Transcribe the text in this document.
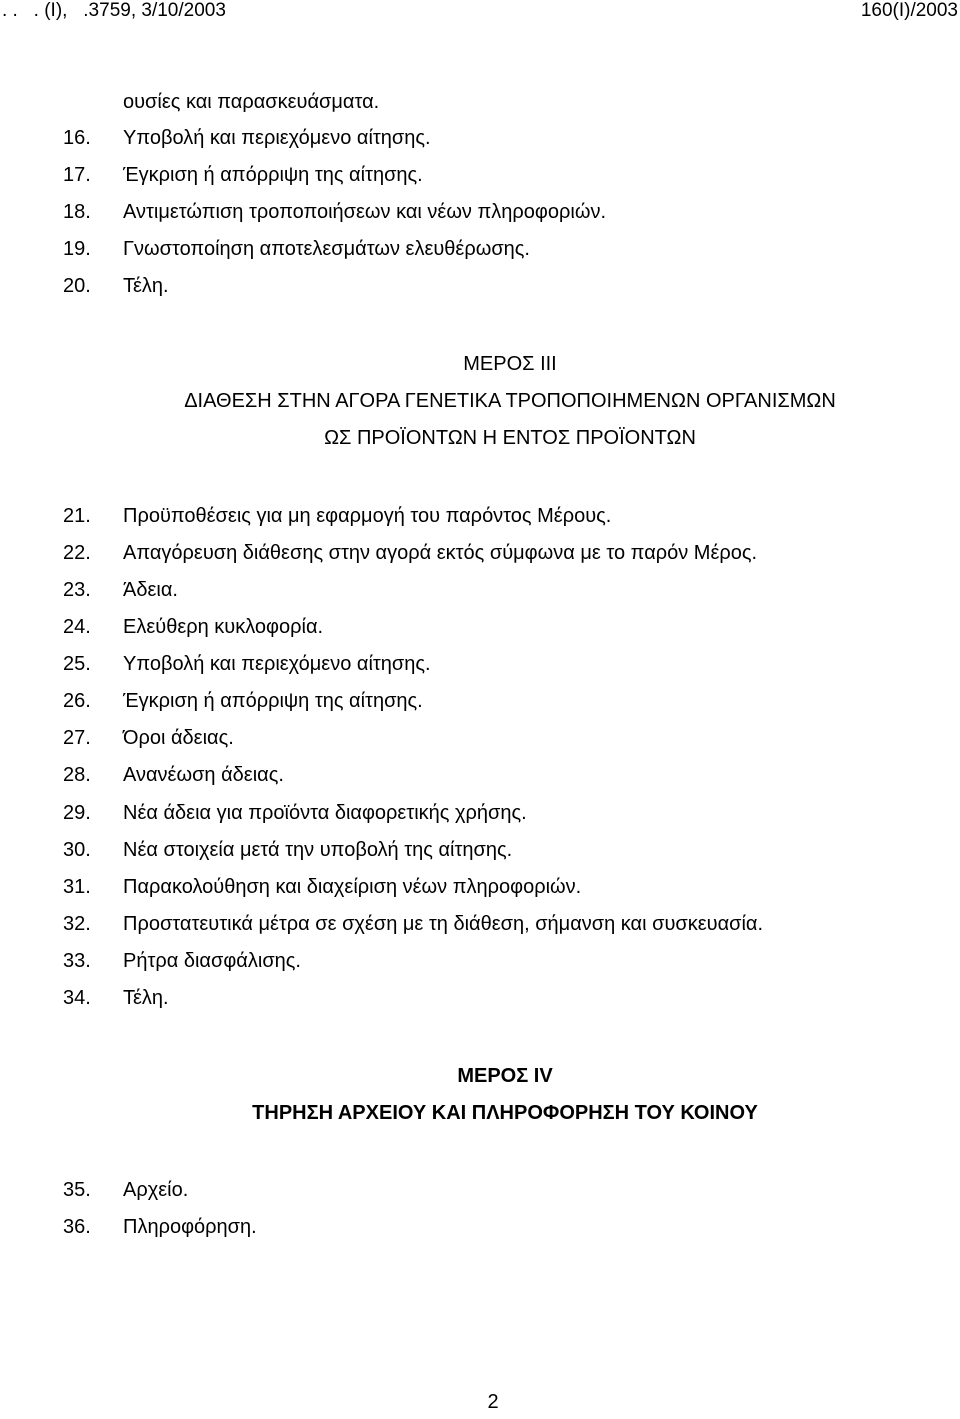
. .   . (Ι),   .3759, 3/10/2003	160(Ι)/2003
ουσίες και παρασκευάσματα.
16.	Υποβολή και περιεχόμενο αίτησης.
17.	Έγκριση ή απόρριψη της αίτησης.
18.	Αντιμετώπιση τροποποιήσεων και νέων πληροφοριών.
19.	Γνωστοποίηση αποτελεσμάτων ελευθέρωσης.
20.	Τέλη.
ΜΕΡΟΣ ΙΙΙ
ΔΙΑΘΕΣΗ ΣΤΗΝ ΑΓΟΡΑ ΓΕΝΕΤΙΚΑ ΤΡΟΠΟΠΟΙΗΜΕΝΩΝ ΟΡΓΑΝΙΣΜΩΝ
ΩΣ ΠΡΟΪΟΝΤΩΝ Η ΕΝΤΟΣ ΠΡΟΪΟΝΤΩΝ
21.	Προϋποθέσεις για μη εφαρμογή του παρόντος Μέρους.
22.	Απαγόρευση διάθεσης στην αγορά εκτός σύμφωνα με το παρόν Μέρος.
23.	Άδεια.
24.	Ελεύθερη κυκλοφορία.
25.	Υποβολή και περιεχόμενο αίτησης.
26.	Έγκριση ή απόρριψη της αίτησης.
27.	Όροι άδειας.
28.	Ανανέωση άδειας.
29.	Νέα άδεια για προϊόντα διαφορετικής χρήσης.
30.	Νέα στοιχεία μετά την υποβολή της αίτησης.
31.	Παρακολούθηση και διαχείριση νέων πληροφοριών.
32.	Προστατευτικά μέτρα σε σχέση με τη διάθεση, σήμανση και συσκευασία.
33.	Ρήτρα διασφάλισης.
34.	Τέλη.
ΜΕΡΟΣ ΙV
ΤΗΡΗΣΗ ΑΡΧΕΙΟΥ ΚΑΙ ΠΛΗΡΟΦΟΡΗΣΗ ΤΟΥ ΚΟΙΝΟΥ
35.	Αρχείο.
36.	Πληροφόρηση.
2
